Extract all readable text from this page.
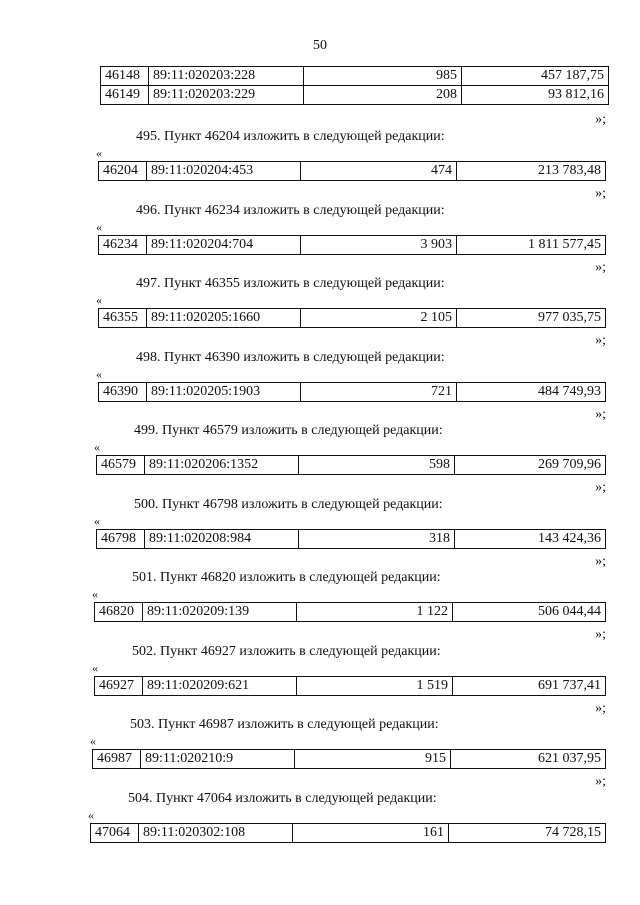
50
46148	89:11:020203:228	985	457 187,75
46149	89:11:020203:229	208	93 812,16
»;
495. Пункт 46204 изложить в следующей редакции:
«
46204	89:11:020204:453	474	213 783,48
»;
496. Пункт 46234 изложить в следующей редакции:
«
46234	89:11:020204:704	3 903	1 811 577,45
»;
497. Пункт 46355 изложить в следующей редакции:
«
46355	89:11:020205:1660	2 105	977 035,75
»;
498. Пункт 46390 изложить в следующей редакции:
«
46390	89:11:020205:1903	721	484 749,93
»;
499. Пункт 46579 изложить в следующей редакции:
«
46579	89:11:020206:1352	598	269 709,96
»;
500. Пункт 46798 изложить в следующей редакции:
«
46798	89:11:020208:984	318	143 424,36
»;
501. Пункт 46820 изложить в следующей редакции:
«
46820	89:11:020209:139	1 122	506 044,44
»;
502. Пункт 46927 изложить в следующей редакции:
«
46927	89:11:020209:621	1 519	691 737,41
»;
503. Пункт 46987 изложить в следующей редакции:
«
46987	89:11:020210:9	915	621 037,95
»;
504. Пункт 47064 изложить в следующей редакции:
«
47064	89:11:020302:108	161	74 728,15
